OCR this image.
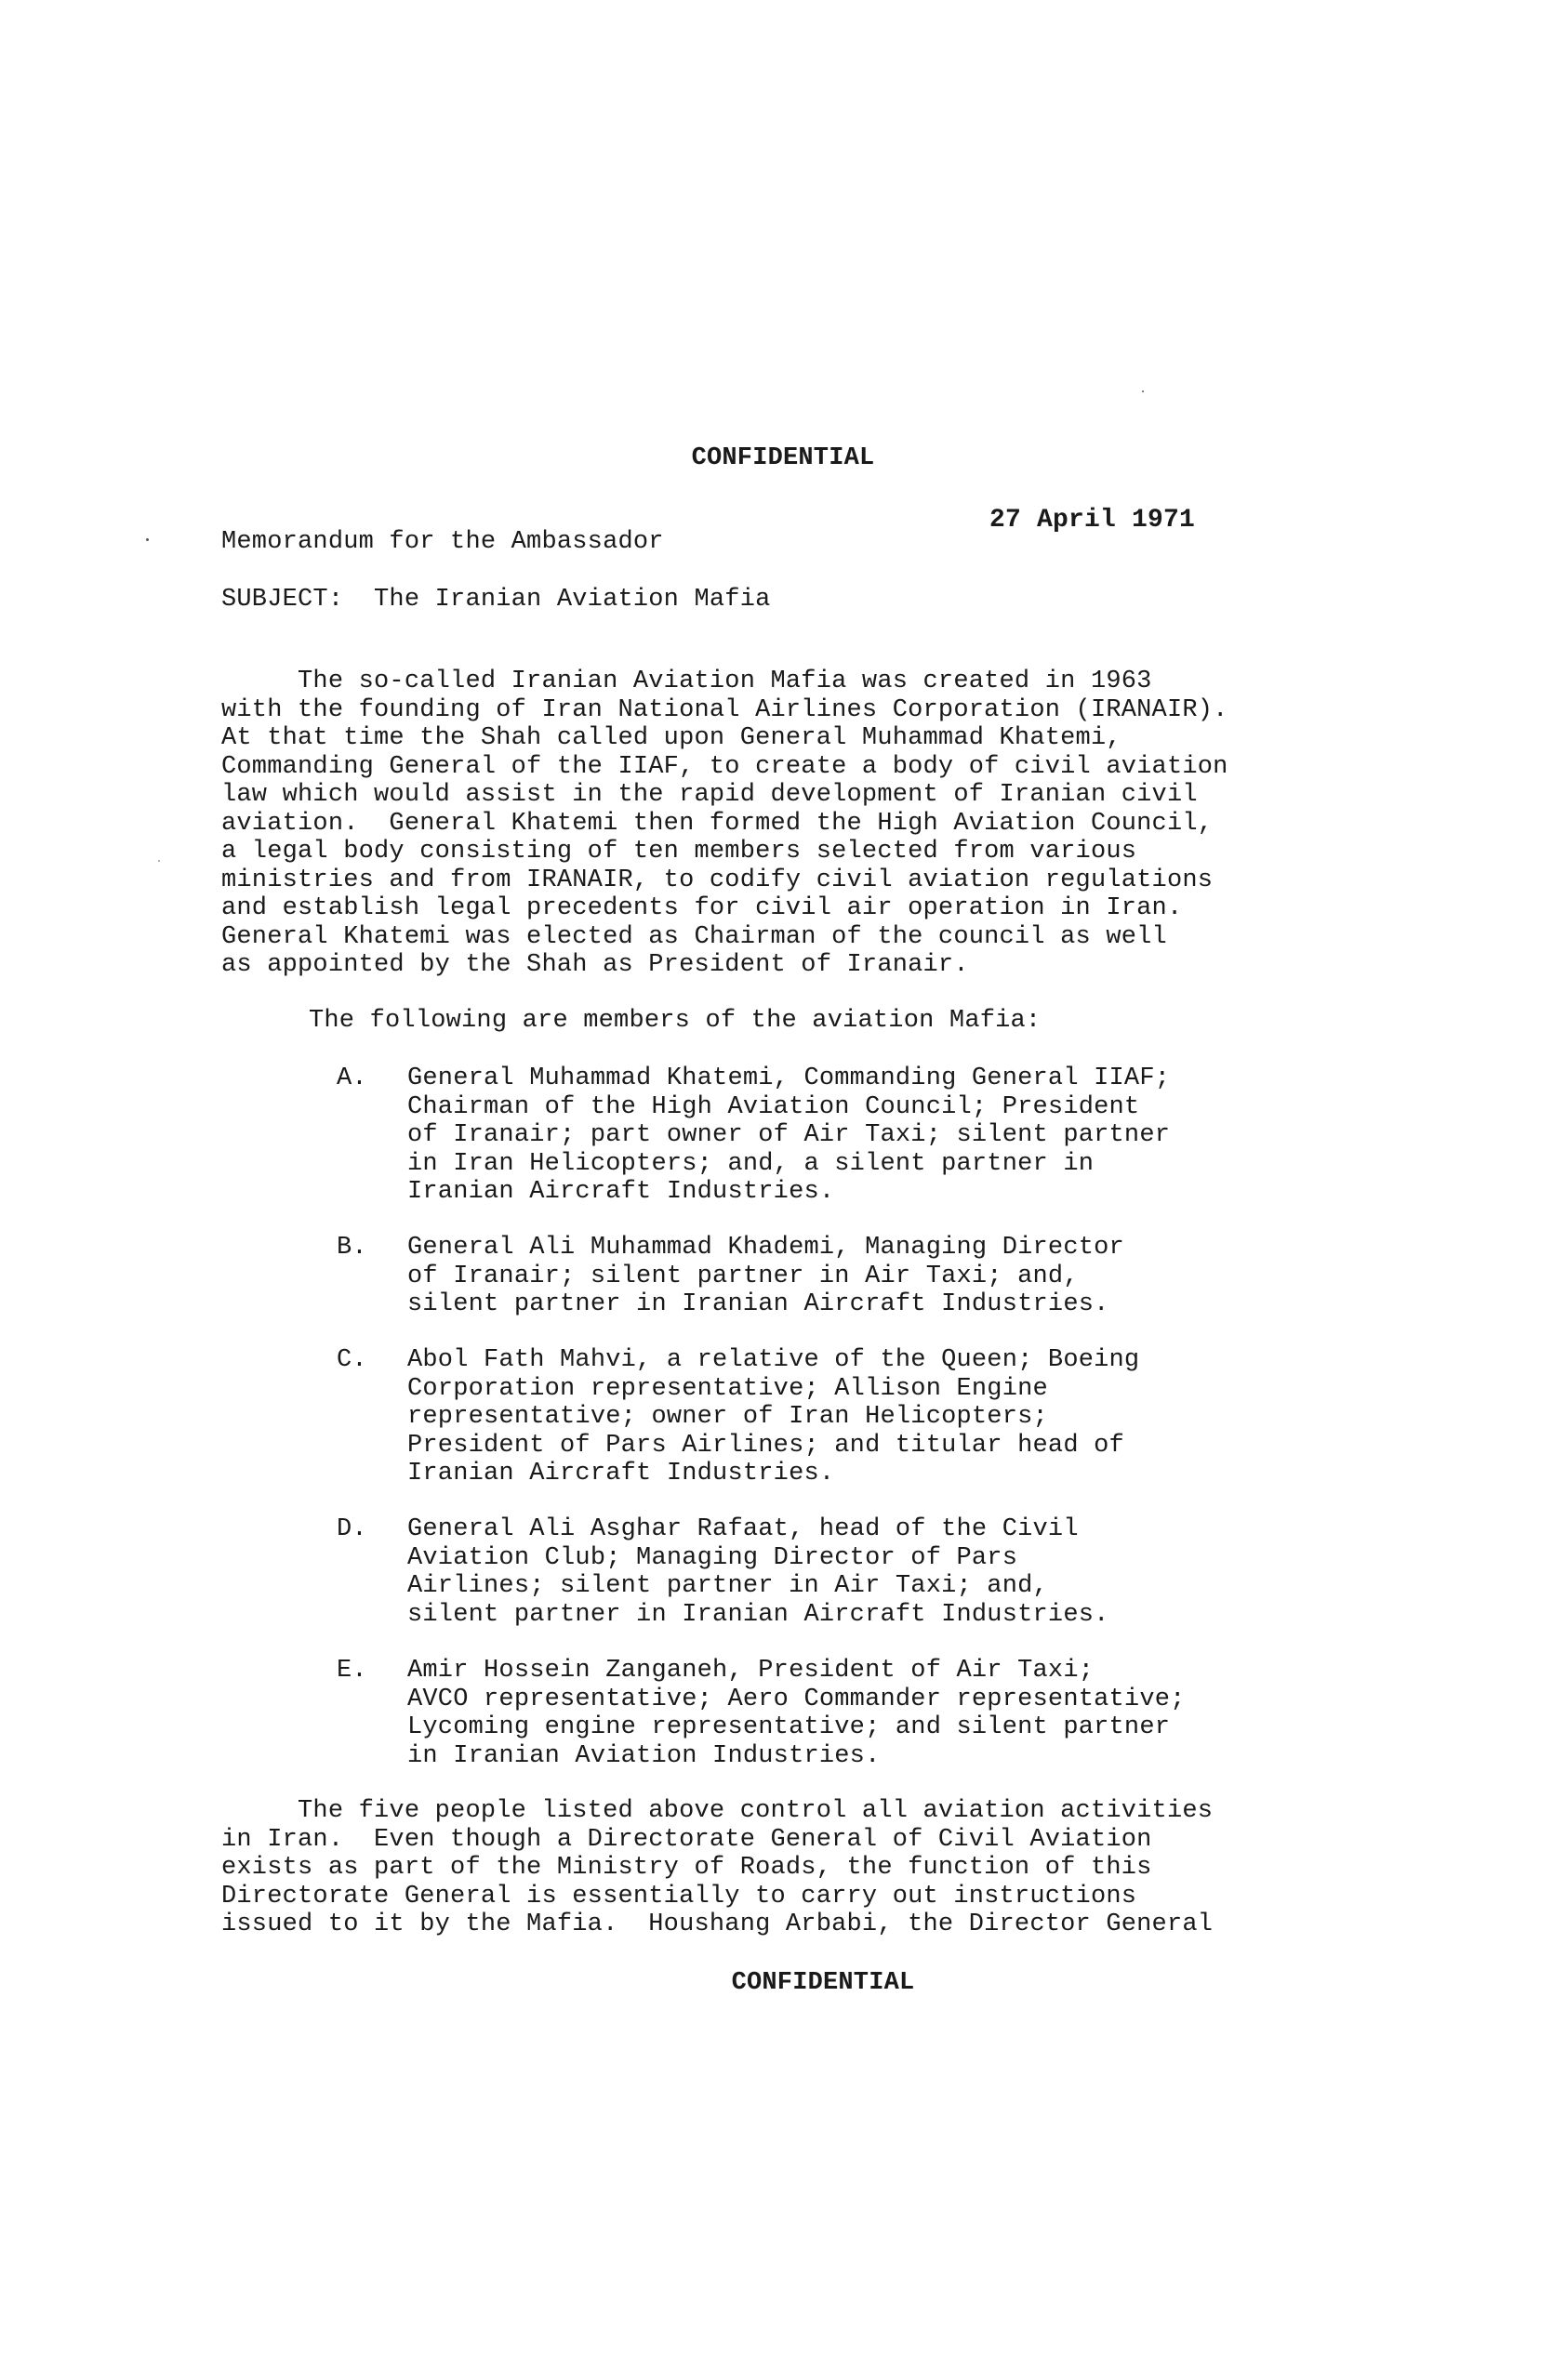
CONFIDENTIAL
27 April 1971
Memorandum for the Ambassador
SUBJECT:  The Iranian Aviation Mafia
The so-called Iranian Aviation Mafia was created in 1963
with the founding of Iran National Airlines Corporation (IRANAIR).
At that time the Shah called upon General Muhammad Khatemi,
Commanding General of the IIAF, to create a body of civil aviation
law which would assist in the rapid development of Iranian civil
aviation.  General Khatemi then formed the High Aviation Council,
a legal body consisting of ten members selected from various
ministries and from IRANAIR, to codify civil aviation regulations
and establish legal precedents for civil air operation in Iran.
General Khatemi was elected as Chairman of the council as well
as appointed by the Shah as President of Iranair.
The following are members of the aviation Mafia:
A.	General Muhammad Khatemi, Commanding General IIAF;
Chairman of the High Aviation Council; President
of Iranair; part owner of Air Taxi; silent partner
in Iran Helicopters; and, a silent partner in
Iranian Aircraft Industries.
B.	General Ali Muhammad Khademi, Managing Director
of Iranair; silent partner in Air Taxi; and,
silent partner in Iranian Aircraft Industries.
C.	Abol Fath Mahvi, a relative of the Queen; Boeing
Corporation representative; Allison Engine
representative; owner of Iran Helicopters;
President of Pars Airlines; and titular head of
Iranian Aircraft Industries.
D.	General Ali Asghar Rafaat, head of the Civil
Aviation Club; Managing Director of Pars
Airlines; silent partner in Air Taxi; and,
silent partner in Iranian Aircraft Industries.
E.	Amir Hossein Zanganeh, President of Air Taxi;
AVCO representative; Aero Commander representative;
Lycoming engine representative; and silent partner
in Iranian Aviation Industries.
The five people listed above control all aviation activities
in Iran.  Even though a Directorate General of Civil Aviation
exists as part of the Ministry of Roads, the function of this
Directorate General is essentially to carry out instructions
issued to it by the Mafia.  Houshang Arbabi, the Director General
CONFIDENTIAL
